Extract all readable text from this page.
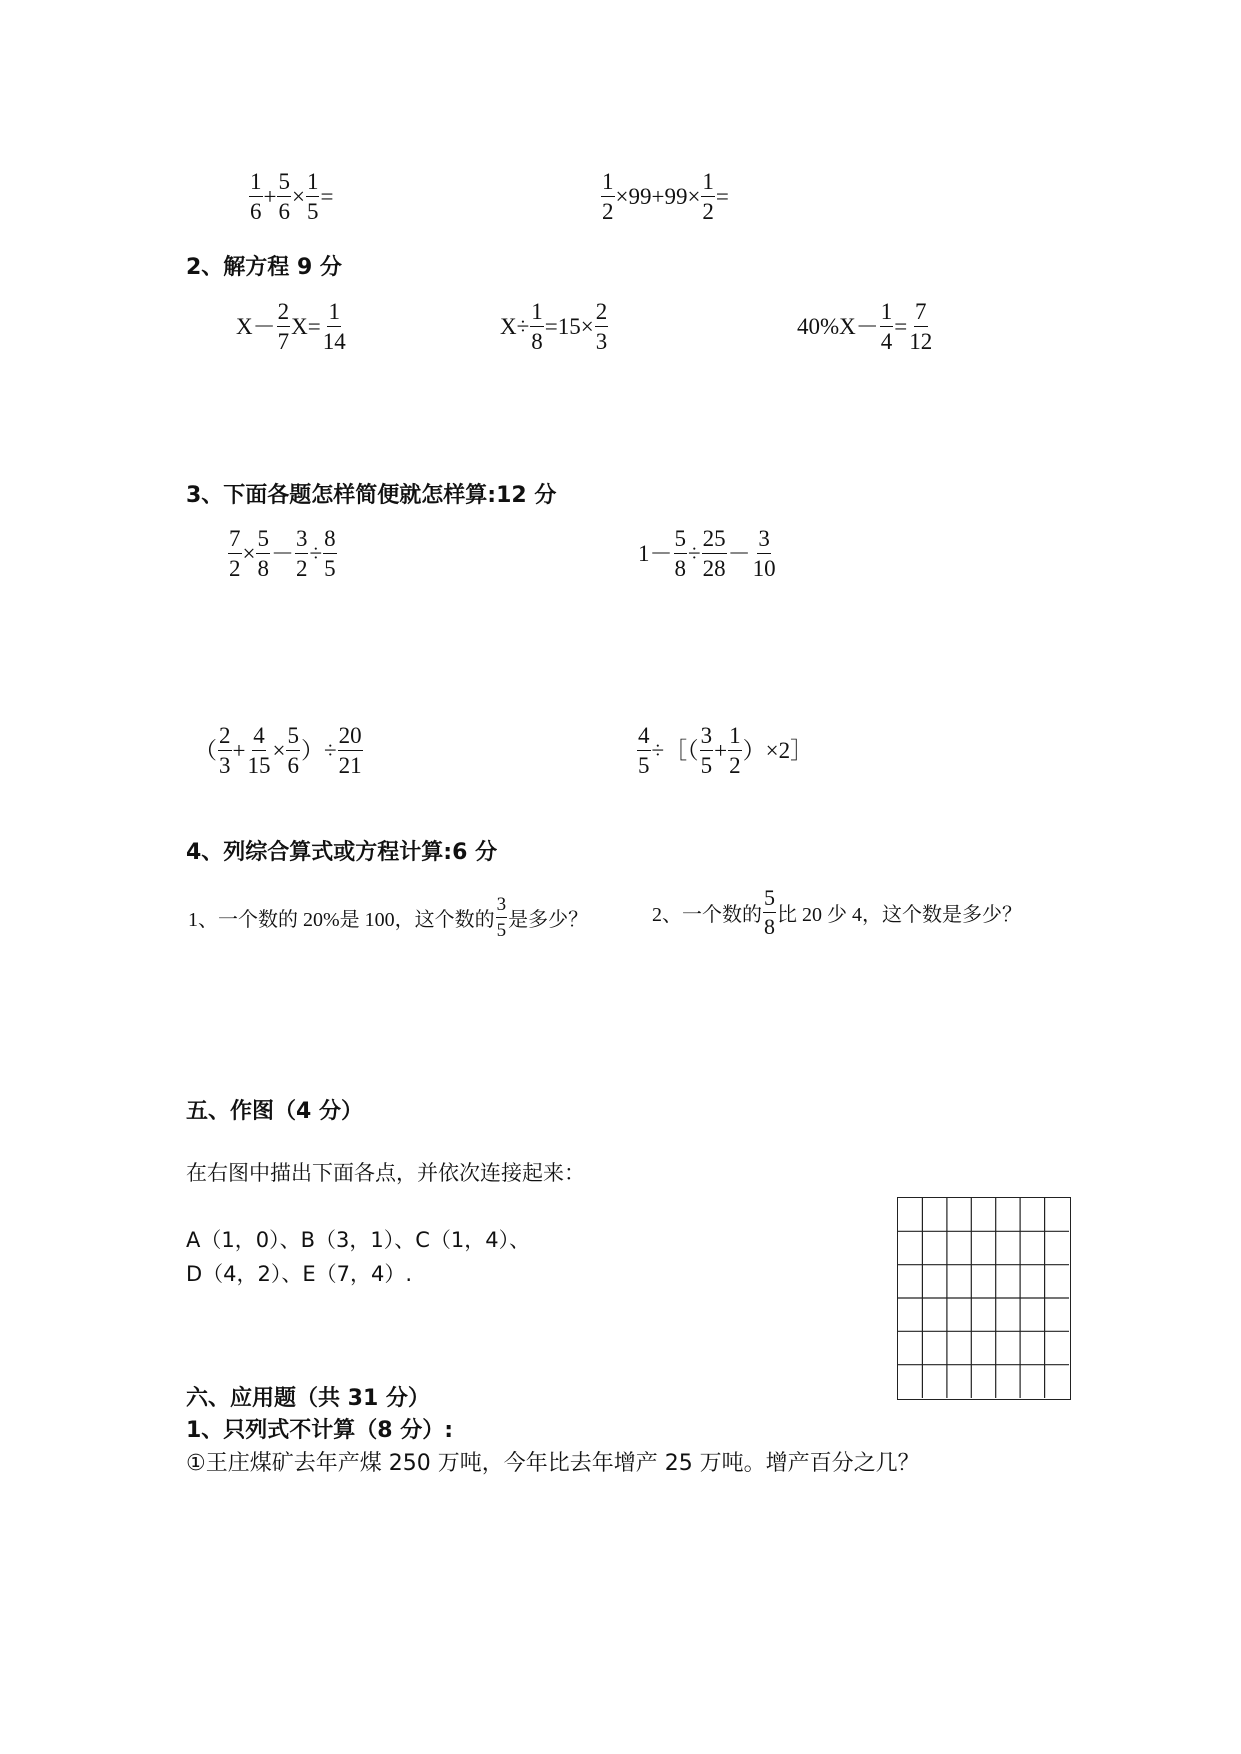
$\frac{1}{6} + \frac{5}{6} \times \frac{1}{5}$ =	$\frac{1}{2} \times 99+99\times \frac{1}{2}$ =
2、解方程 9 分
$X- \frac{2}{7} X= \frac{1}{14}$	$X\div \frac{1}{8} =15\times \frac{2}{3}$	$40\%X- \frac{1}{4} = \frac{7}{12}$
3、下面各题怎样简便就怎样算:12 分
$\frac{7}{2} \times \frac{5}{8} - \frac{3}{2} \div \frac{8}{5}$	$1- \frac{5}{8} \div \frac{25}{28} - \frac{3}{10}$
（ $\frac{2}{3} + \frac{4}{15} \times \frac{5}{6}$ ）÷ $\frac{20}{21}$	$\frac{4}{5}$ ÷［（ $\frac{3}{5} + \frac{1}{2}$ ）×2］
4、列综合算式或方程计算:6 分
1、一个数的 20%是 100，这个数的 $\frac{3}{5}$ 是多少？	2、一个数的 $\frac{5}{8}$ 比 20 少 4，这个数是多少？
五、作图（4 分）
在右图中描出下面各点，并依次连接起来：
A（1，0）、B（3，1）、C（1，4）、
D（4，2）、E（7，4）.
六、应用题（共 31 分）
1、只列式不计算（8 分）:
①王庄煤矿去年产煤 250 万吨，今年比去年增产 25 万吨。增产百分之几？
